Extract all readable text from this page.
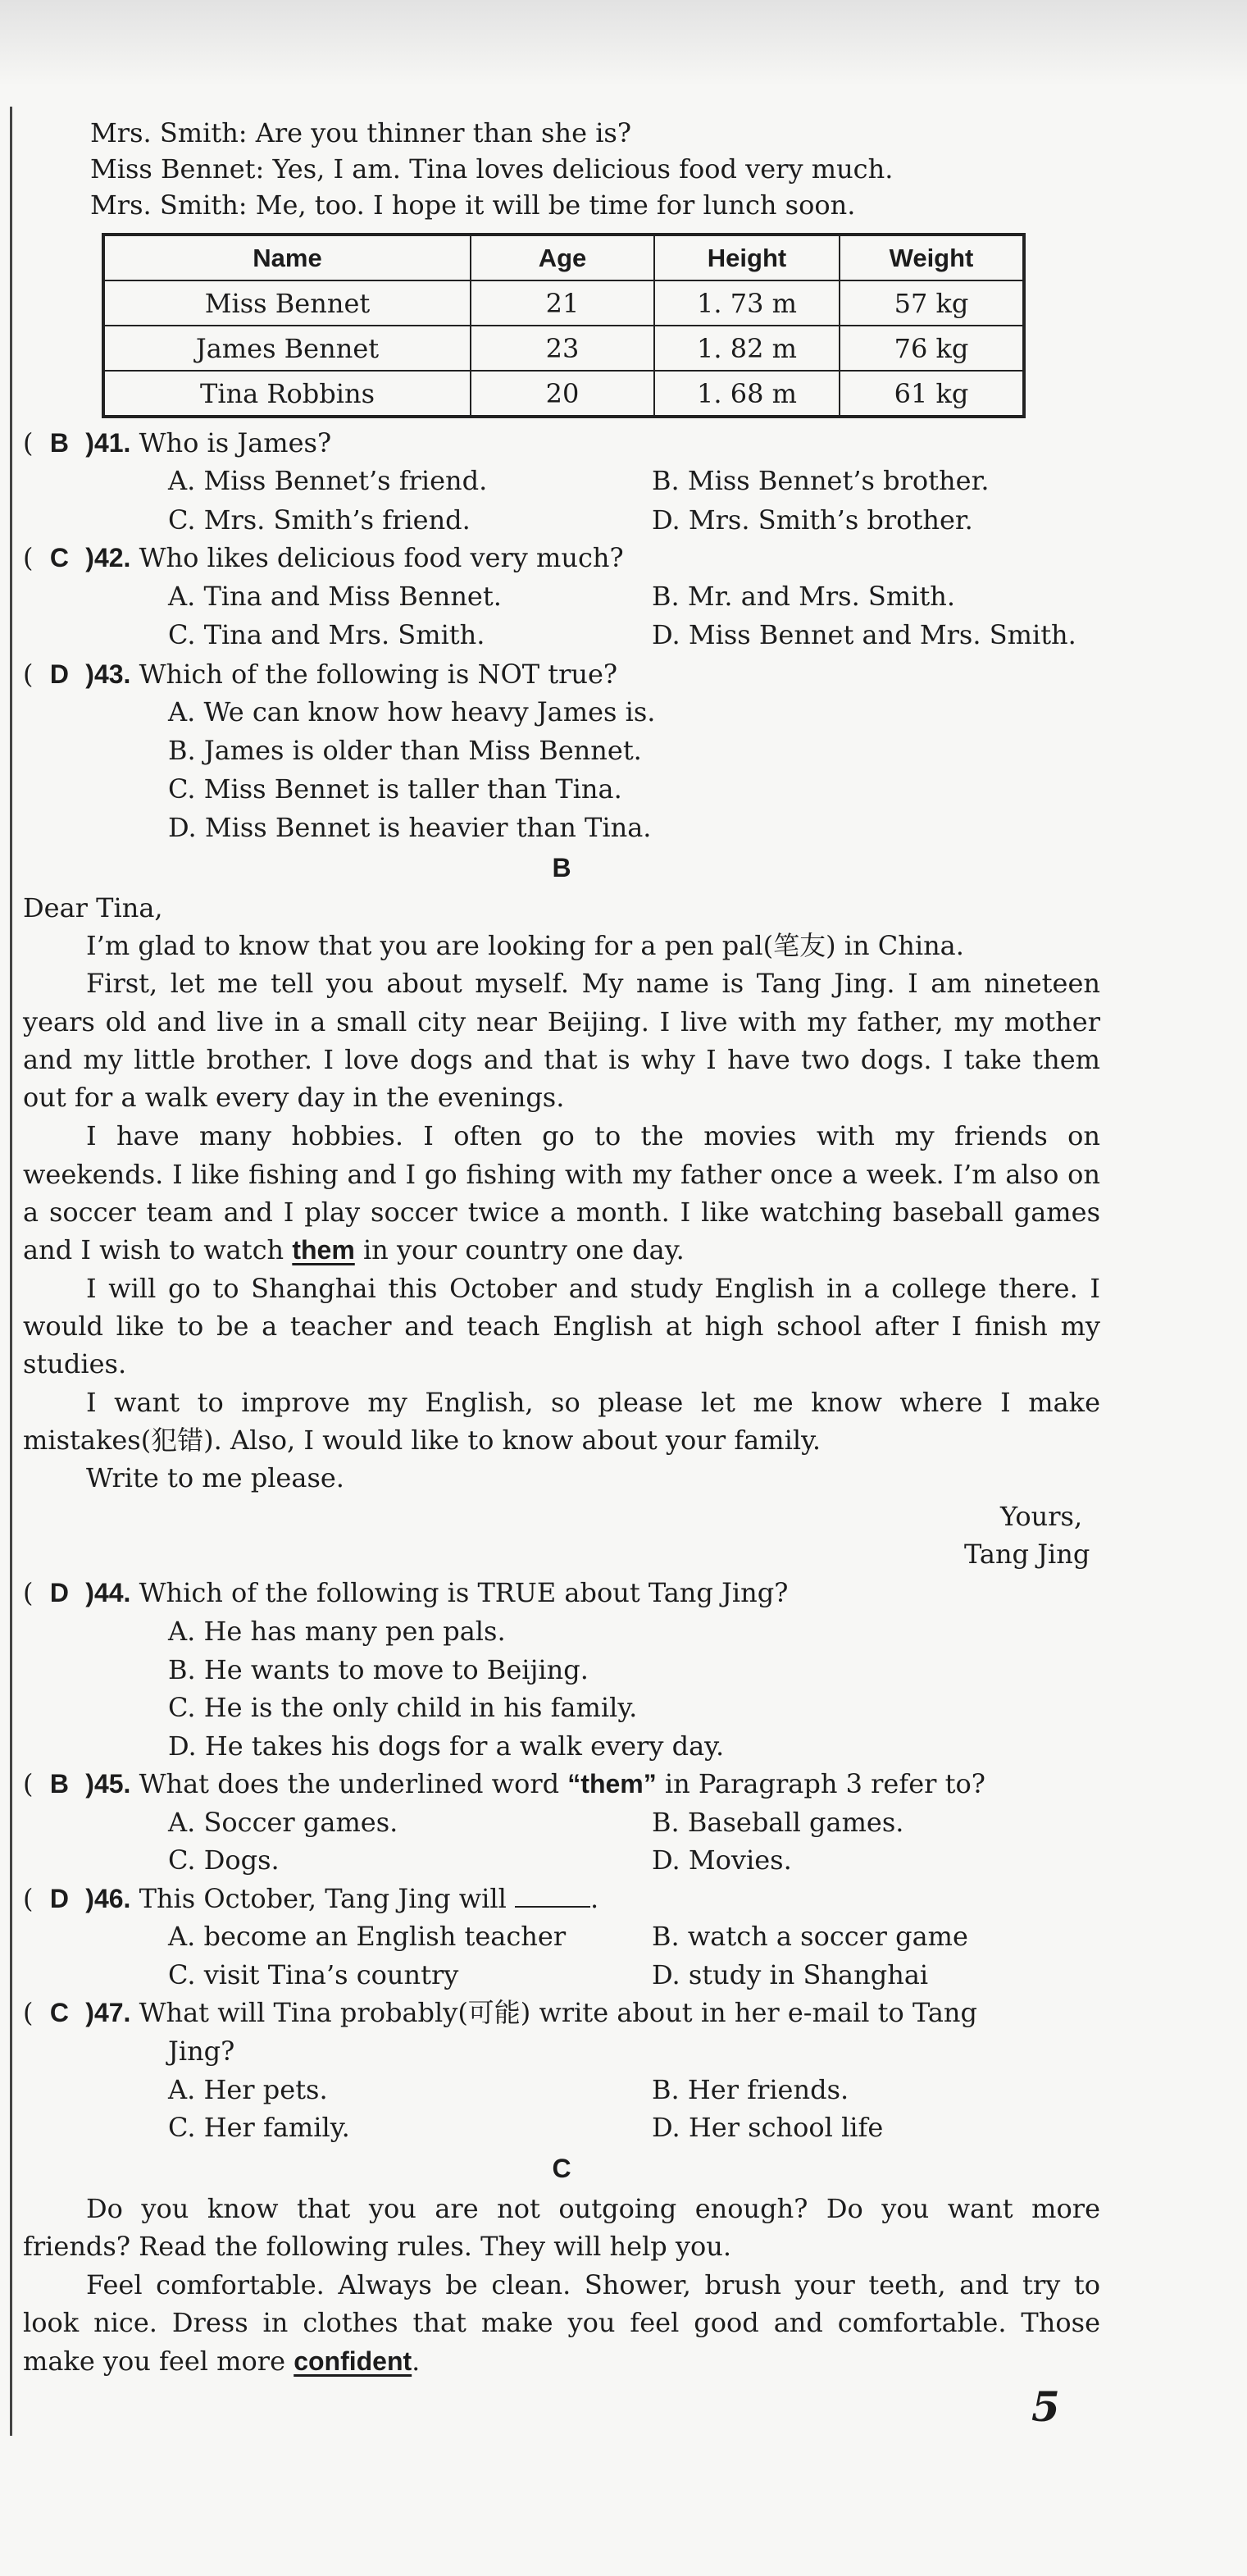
Mrs. Smith: Are you thinner than she is?
Miss Bennet: Yes, I am. Tina loves delicious food very much.
Mrs. Smith: Me, too. I hope it will be time for lunch soon.
Name	Age	Height	Weight
Miss Bennet	21	1. 73 m	57 kg
James Bennet	23	1. 82 m	76 kg
Tina Robbins	20	1. 68 m	61 kg
(  B )41. Who is James?
A. Miss Bennet’s friend.	B. Miss Bennet’s brother.
C. Mrs. Smith’s friend.	D. Mrs. Smith’s brother.
(  C )42. Who likes delicious food very much?
A. Tina and Miss Bennet.	B. Mr. and Mrs. Smith.
C. Tina and Mrs. Smith.	D. Miss Bennet and Mrs. Smith.
(  D )43. Which of the following is NOT true?
A. We can know how heavy James is.
B. James is older than Miss Bennet.
C. Miss Bennet is taller than Tina.
D. Miss Bennet is heavier than Tina.
B
Dear Tina,
I’m glad to know that you are looking for a pen pal(笔友) in China.
First, let me tell you about myself. My name is Tang Jing. I am nineteen
years old and live in a small city near Beijing. I live with my father, my mother
and my little brother. I love dogs and that is why I have two dogs. I take them
out for a walk every day in the evenings.
I have many hobbies. I often go to the movies with my friends on
weekends. I like fishing and I go fishing with my father once a week. I’m also on
a soccer team and I play soccer twice a month. I like watching baseball games
and I wish to watch them in your country one day.
I will go to Shanghai this October and study English in a college there. I
would like to be a teacher and teach English at high school after I finish my
studies.
I want to improve my English, so please let me know where I make
mistakes(犯错). Also, I would like to know about your family.
Write to me please.
Yours,
Tang Jing
(  D )44. Which of the following is TRUE about Tang Jing?
A. He has many pen pals.
B. He wants to move to Beijing.
C. He is the only child in his family.
D. He takes his dogs for a walk every day.
(  B )45. What does the underlined word “them” in Paragraph 3 refer to?
A. Soccer games.	B. Baseball games.
C. Dogs.	D. Movies.
(  D )46. This October, Tang Jing will	.
A. become an English teacher	B. watch a soccer game
C. visit Tina’s country	D. study in Shanghai
(  C )47. What will Tina probably(可能) write about in her e-mail to Tang
Jing?
A. Her pets.	B. Her friends.
C. Her family.	D. Her school life
C
Do you know that you are not outgoing enough? Do you want more
friends? Read the following rules. They will help you.
Feel comfortable. Always be clean. Shower, brush your teeth, and try to
look nice. Dress in clothes that make you feel good and comfortable. Those
make you feel more confident.
5
